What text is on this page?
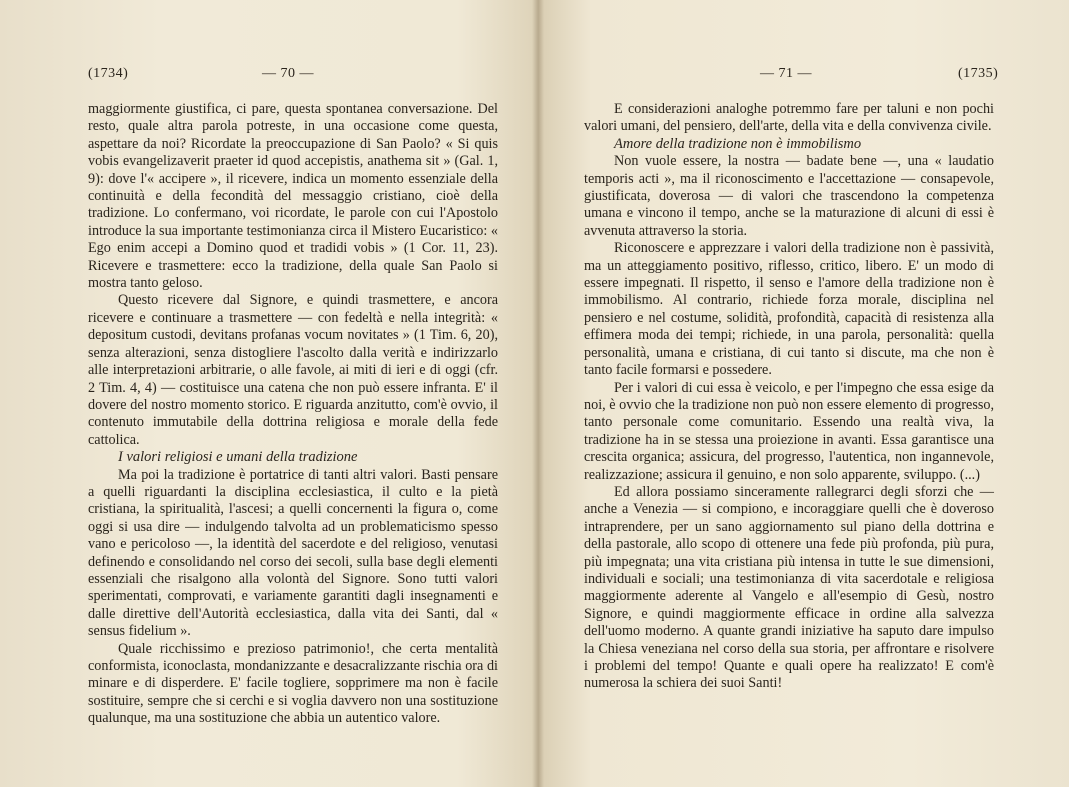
(1734)	— 70 —

maggiormente giustifica, ci pare, questa spontanea conversazione. Del resto, quale altra parola potreste, in una occasione come questa, aspettare da noi? Ricordate la preoccupazione di San Paolo? « Si quis vobis evangelizaverit praeter id quod accepistis, anathema sit » (Gal. 1, 9): dove l'« accipere », il ricevere, indica un momento essenziale della continuità e della fecondità del messaggio cristiano, cioè della tradizione. Lo confermano, voi ricordate, le parole con cui l'Apostolo introduce la sua importante testimonianza circa il Mistero Eucaristico: « Ego enim accepi a Domino quod et tradidi vobis » (1 Cor. 11, 23). Ricevere e trasmettere: ecco la tradizione, della quale San Paolo si mostra tanto geloso.

Questo ricevere dal Signore, e quindi trasmettere, e ancora ricevere e continuare a trasmettere — con fedeltà e nella integrità: « depositum custodi, devitans profanas vocum novitates » (1 Tim. 6, 20), senza alterazioni, senza distogliere l'ascolto dalla verità e indirizzarlo alle interpretazioni arbitrarie, o alle favole, ai miti di ieri e di oggi (cfr. 2 Tim. 4, 4) — costituisce una catena che non può essere infranta. E' il dovere del nostro momento storico. E riguarda anzitutto, com'è ovvio, il contenuto immutabile della dottrina religiosa e morale della fede cattolica.

I valori religiosi e umani della tradizione

Ma poi la tradizione è portatrice di tanti altri valori. Basti pensare a quelli riguardanti la disciplina ecclesiastica, il culto e la pietà cristiana, la spiritualità, l'ascesi; a quelli concernenti la figura o, come oggi si usa dire — indulgendo talvolta ad un problematicismo spesso vano e pericoloso —, la identità del sacerdote e del religioso, venutasi definendo e consolidando nel corso dei secoli, sulla base degli elementi essenziali che risalgono alla volontà del Signore. Sono tutti valori sperimentati, comprovati, e variamente garantiti dagli insegnamenti e dalle direttive dell'Autorità ecclesiastica, dalla vita dei Santi, dal « sensus fidelium ».

Quale ricchissimo e prezioso patrimonio!, che certa mentalità conformista, iconoclasta, mondanizzante e desacralizzante rischia ora di minare e di disperdere. E' facile togliere, sopprimere ma non è facile sostituire, sempre che si cerchi e si voglia davvero non una sostituzione qualunque, ma una sostituzione che abbia un autentico valore.

— 71 —	(1735)

E considerazioni analoghe potremmo fare per taluni e non pochi valori umani, del pensiero, dell'arte, della vita e della convivenza civile.

Amore della tradizione non è immobilismo

Non vuole essere, la nostra — badate bene —, una « laudatio temporis acti », ma il riconoscimento e l'accettazione — consapevole, giustificata, doverosa — di valori che trascendono la competenza umana e vincono il tempo, anche se la maturazione di alcuni di essi è avvenuta attraverso la storia.

Riconoscere e apprezzare i valori della tradizione non è passività, ma un atteggiamento positivo, riflesso, critico, libero. E' un modo di essere impegnati. Il rispetto, il senso e l'amore della tradizione non è immobilismo. Al contrario, richiede forza morale, disciplina nel pensiero e nel costume, solidità, profondità, capacità di resistenza alla effimera moda dei tempi; richiede, in una parola, personalità: quella personalità, umana e cristiana, di cui tanto si discute, ma che non è tanto facile formarsi e possedere.

Per i valori di cui essa è veicolo, e per l'impegno che essa esige da noi, è ovvio che la tradizione non può non essere elemento di progresso, tanto personale come comunitario. Essendo una realtà viva, la tradizione ha in se stessa una proiezione in avanti. Essa garantisce una crescita organica; assicura, del progresso, l'autentica, non ingannevole, realizzazione; assicura il genuino, e non solo apparente, sviluppo. (...)

Ed allora possiamo sinceramente rallegrarci degli sforzi che — anche a Venezia — si compiono, e incoraggiare quelli che è doveroso intraprendere, per un sano aggiornamento sul piano della dottrina e della pastorale, allo scopo di ottenere una fede più profonda, più pura, più impegnata; una vita cristiana più intensa in tutte le sue dimensioni, individuali e sociali; una testimonianza di vita sacerdotale e religiosa maggiormente aderente al Vangelo e all'esempio di Gesù, nostro Signore, e quindi maggiormente efficace in ordine alla salvezza dell'uomo moderno. A quante grandi iniziative ha saputo dare impulso la Chiesa veneziana nel corso della sua storia, per affrontare e risolvere i problemi del tempo! Quante e quali opere ha realizzato! E com'è numerosa la schiera dei suoi Santi!
